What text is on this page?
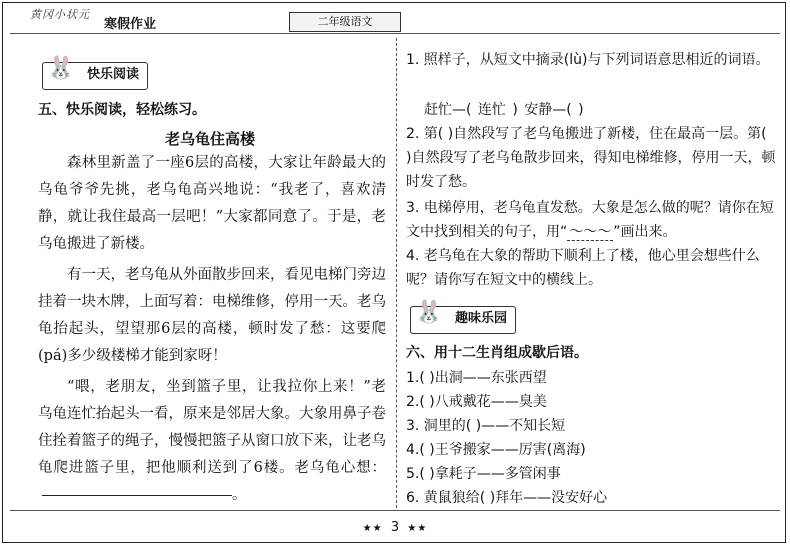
黄冈小状元
寒假作业	二年级语文
🐰 快乐阅读
五、快乐阅读，轻松练习。
老乌龟住高楼
森林里新盖了一座6层的高楼，大家让年龄最大的乌龟爷爷先挑，老乌龟高兴地说：“我老了，喜欢清静，就让我住最高一层吧！”大家都同意了。于是，老乌龟搬进了新楼。
有一天，老乌龟从外面散步回来，看见电梯门旁边挂着一块木牌，上面写着：电梯维修，停用一天。老乌龟抬起头，望望那6层的高楼，顿时发了愁：这要爬(pá)多少级楼梯才能到家呀！
“喂，老朋友，坐到篮子里，让我拉你上来！”老乌龟连忙抬起头一看，原来是邻居大象。大象用鼻子卷住拴着篮子的绳子，慢慢把篮子从窗口放下来，让老乌龟爬进篮子里，把他顺利送到了6楼。老乌龟心想：。
1. 照样子，从短文中摘录(lù)与下列词语意思相近的词语。
赶忙—( 连忙 ) 安静—( )
2. 第( )自然段写了老乌龟搬进了新楼，住在最高一层。第( )自然段写了老乌龟散步回来，得知电梯维修，停用一天，顿时发了愁。
3. 电梯停用，老乌龟直发愁。大象是怎么做的呢？请你在短文中找到相关的句子，用“ ～～～ ”画出来。
4. 老乌龟在大象的帮助下顺利上了楼，他心里会想些什么呢？请你写在短文中的横线上。
🐰 趣味乐园
六、用十二生肖组成歇后语。
1.( )出洞——东张西望
2.( )八戒戴花——臭美
3. 洞里的( )——不知长短
4.( )王爷搬家——厉害(离海)
5.( )拿耗子——多管闲事
6. 黄鼠狼给( )拜年——没安好心
★★ 3 ★★
